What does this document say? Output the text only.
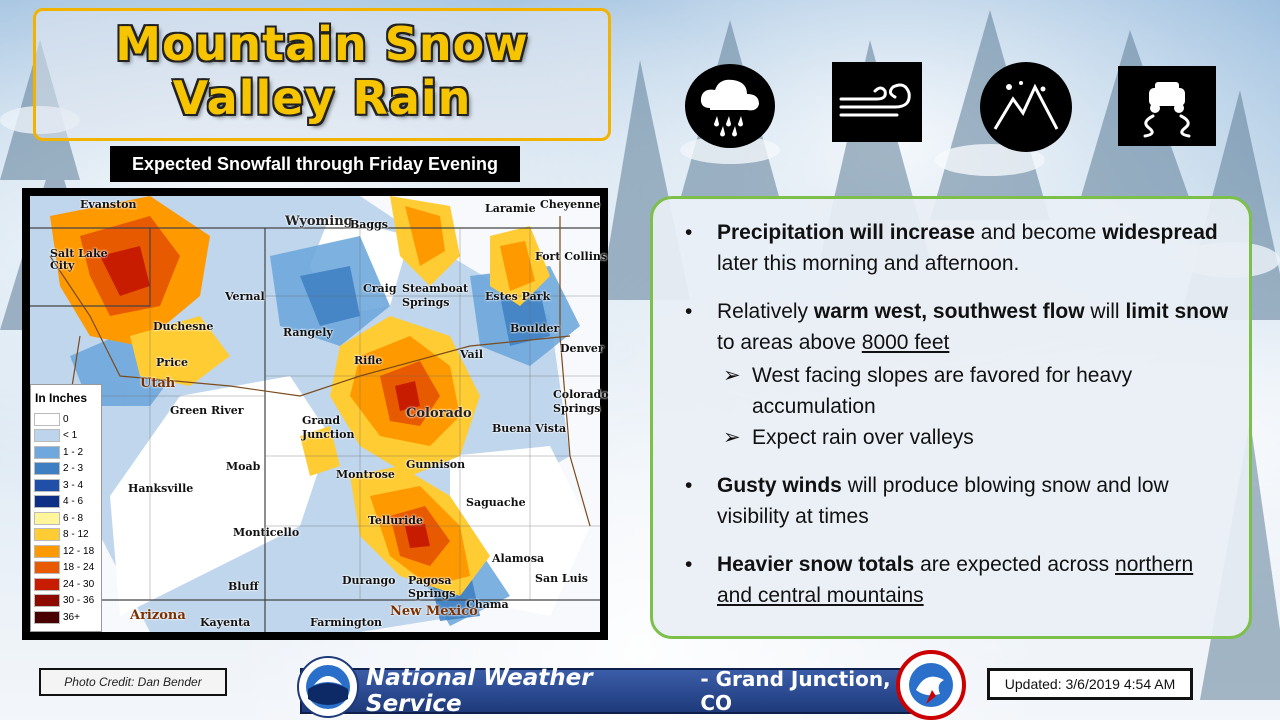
Mountain Snow
Valley Rain
Expected Snowfall through Friday Evening
Evanston
Wyoming
Baggs
Laramie Cheyenne
Salt Lake City
Fort Collins
Craig Steamboat Springs	Estes Park
Vernal
Duchesne	Rangely	Boulder
Denver
Price	Rifle	Vail
Utah
Colorado Springs
Green River
Grand Junction
Colorado
Buena Vista
Moab
Montrose
Gunnison
Hanksville
Saguache
Telluride
Monticello
Alamosa
Bluff	Durango Pagosa Springs
San Luis
Chama
New Mexico
Arizona Kayenta	Farmington
In Inches
0
< 1
1 - 2
2 - 3
3 - 4
4 - 6
6 - 8
8 - 12
12 - 18
18 - 24
24 - 30
30 - 36
36+
• Precipitation will increase and become widespread later this morning and afternoon.
• Relatively warm west, southwest flow will limit snow to areas above 8000 feet
➢ West facing slopes are favored for heavy accumulation
➢ Expect rain over valleys
• Gusty winds will produce blowing snow and low visibility at times
• Heavier snow totals are expected across northern and central mountains
Photo Credit: Dan Bender	National Weather Service
- Grand Junction, CO
Updated: 3/6/2019 4:54 AM
